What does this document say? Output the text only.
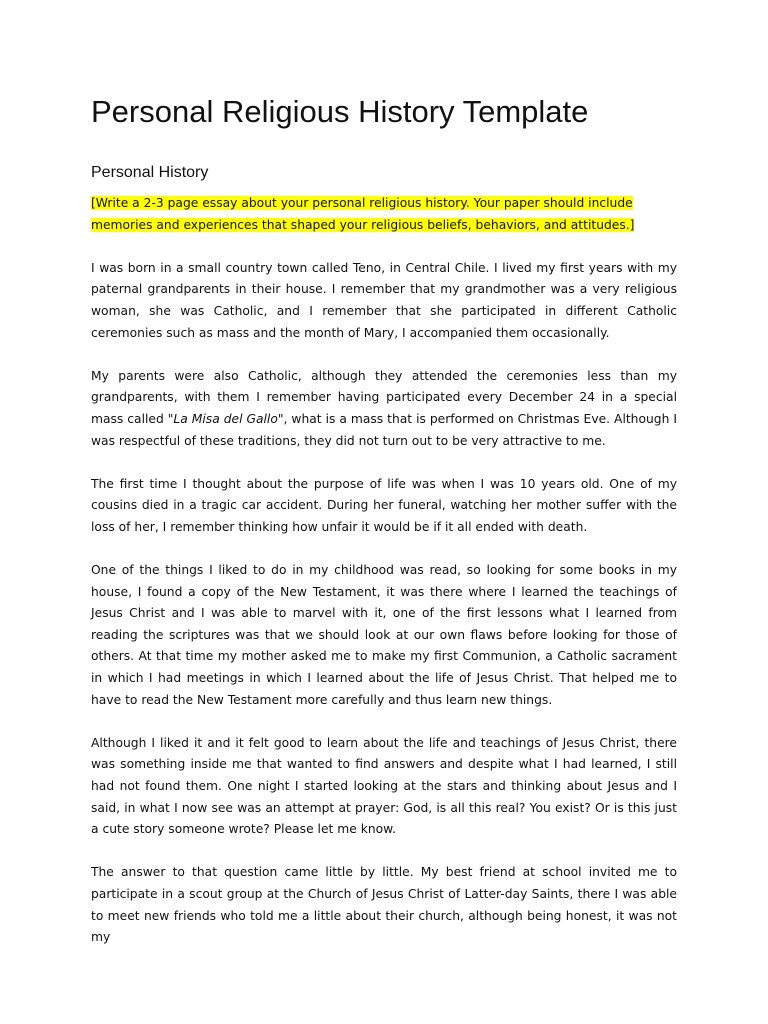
Personal Religious History Template
Personal History

[Write a 2-3 page essay about your personal religious history. Your paper should include memories and experiences that shaped your religious beliefs, behaviors, and attitudes.]

I was born in a small country town called Teno, in Central Chile. I lived my first years with my paternal grandparents in their house. I remember that my grandmother was a very religious woman, she was Catholic, and I remember that she participated in different Catholic ceremonies such as mass and the month of Mary, I accompanied them occasionally.

My parents were also Catholic, although they attended the ceremonies less than my grandparents, with them I remember having participated every December 24 in a special mass called "La Misa del Gallo", what is a mass that is performed on Christmas Eve. Although I was respectful of these traditions, they did not turn out to be very attractive to me.

The first time I thought about the purpose of life was when I was 10 years old. One of my cousins died in a tragic car accident. During her funeral, watching her mother suffer with the loss of her, I remember thinking how unfair it would be if it all ended with death.

One of the things I liked to do in my childhood was read, so looking for some books in my house, I found a copy of the New Testament, it was there where I learned the teachings of Jesus Christ and I was able to marvel with it, one of the first lessons what I learned from reading the scriptures was that we should look at our own flaws before looking for those of others. At that time my mother asked me to make my first Communion, a Catholic sacrament in which I had meetings in which I learned about the life of Jesus Christ. That helped me to have to read the New Testament more carefully and thus learn new things.

Although I liked it and it felt good to learn about the life and teachings of Jesus Christ, there was something inside me that wanted to find answers and despite what I had learned, I still had not found them. One night I started looking at the stars and thinking about Jesus and I said, in what I now see was an attempt at prayer: God, is all this real? You exist? Or is this just a cute story someone wrote? Please let me know.

The answer to that question came little by little. My best friend at school invited me to participate in a scout group at the Church of Jesus Christ of Latter-day Saints, there I was able to meet new friends who told me a little about their church, although being honest, it was not my
